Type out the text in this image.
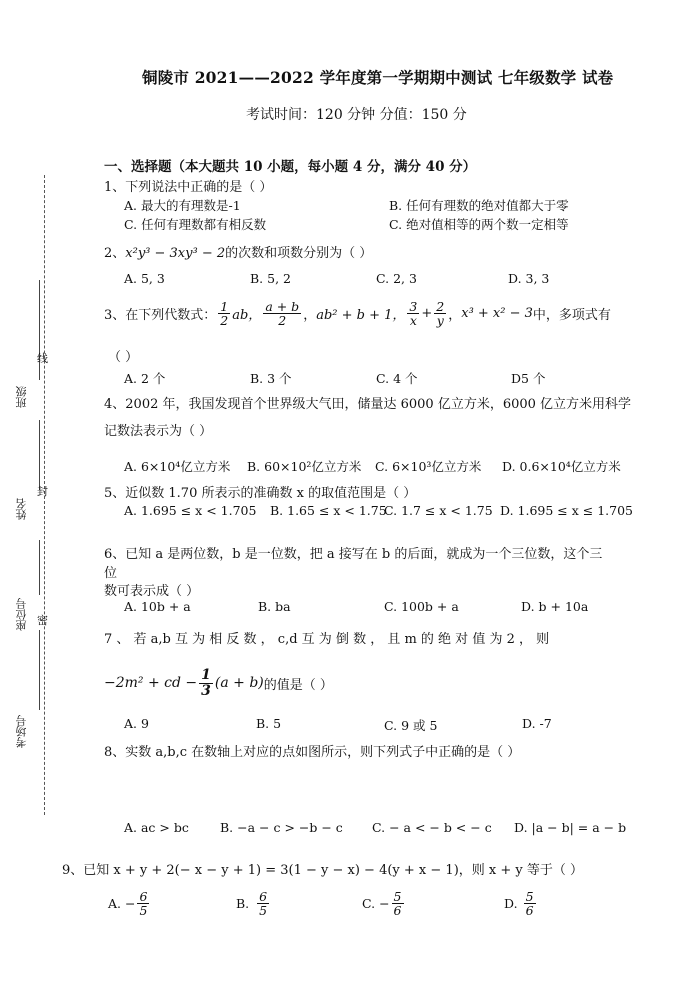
铜陵市 2021——2022 学年度第一学期期中测试 七年级数学 试卷
考试时间：120 分钟 分值：150 分
班级
姓名
座位号
考场号
线
封
密
一、选择题（本大题共 10 小题，每小题 4 分，满分 40 分）
1、下列说法中正确的是（ ）
A. 最大的有理数是-1	B. 任何有理数的绝对值都大于零
C. 任何有理数都有相反数	C. 绝对值相等的两个数一定相等
2、x²y³ − 3xy³ − 2的次数和项数分别为（ ）
A. 5, 3	B. 5, 2	C. 2, 3	D. 3, 3
3、在下列代数式： $\frac{1}{2}$ ab， $\frac{a + b}{2}$ ， ab² + b + 1， $\frac{3}{x} + \frac{2}{y}$ ， x³ + x² − 3 中，多项式有
（ ）
A. 2 个	B. 3 个	C. 4 个	D5 个
4、2002 年，我国发现首个世界级大气田，储量达 6000 亿立方米，6000 亿立方米用科学
记数法表示为（ ）
A. 6×10⁴亿立方米 B. 60×10²亿立方米 C. 6×10³亿立方米 D. 0.6×10⁴亿立方米
5、近似数 1.70 所表示的准确数 x 的取值范围是（ ）
A. 1.695 ≤ x < 1.705 B. 1.65 ≤ x < 1.75
C. 1.7 ≤ x < 1.75 D. 1.695 ≤ x ≤ 1.705
6、已知 a 是两位数，b 是一位数，把 a 接写在 b 的后面，就成为一个三位数，这个三
位
数可表示成（ ）
A. 10b + a	B. ba	C. 100b + a	D. b + 10a
7 、 若 a,b 互 为 相 反 数 ， c,d 互 为 倒 数 ， 且 m 的 绝 对 值 为 2 ， 则
−2m² + cd − $\frac{1}{3} (a + b)$ 的值是（ ）
A. 9	B. 5	C. 9 或 5	D. -7
8、实数 a,b,c 在数轴上对应的点如图所示，则下列式子中正确的是（ ）
A. ac > bc B. −a − c > −b − c C. − a < − b < − c D. |a − b| = a − b
9、已知 x + y + 2(− x − y + 1) = 3(1 − y − x) − 4(y + x − 1)，则 x + y 等于（ ）
A. − $\frac{6}{5}$	B. $\frac{6}{5}$	C. − $\frac{5}{6}$	D. $\frac{5}{6}$
